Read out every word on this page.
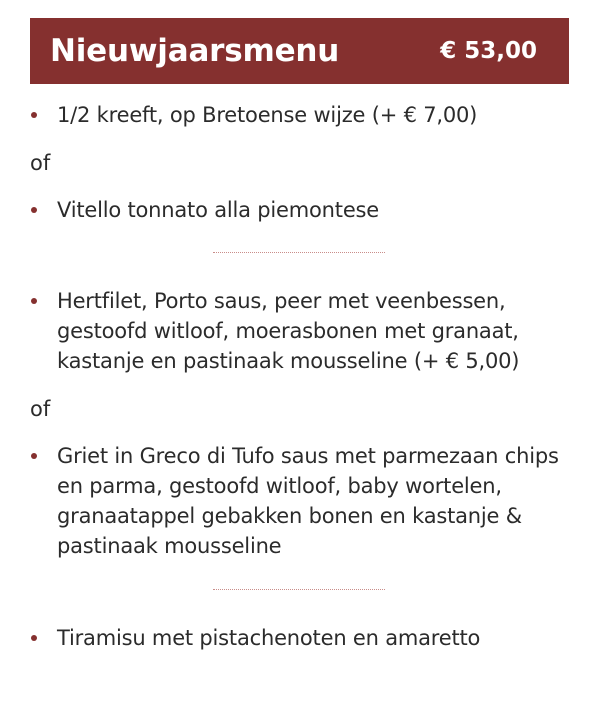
Nieuwjaarsmenu	€ 53,00
1/2 kreeft, op Bretoense wijze (+ € 7,00)
of
Vitello tonnato alla piemontese
Hertfilet, Porto saus, peer met veenbessen, gestoofd witloof, moerasbonen met granaat, kastanje en pastinaak mousseline (+ € 5,00)
of
Griet in Greco di Tufo saus met parmezaan chips en parma, gestoofd witloof, baby wortelen, granaatappel gebakken bonen en kastanje & pastinaak mousseline
Tiramisu met pistachenoten en amaretto
